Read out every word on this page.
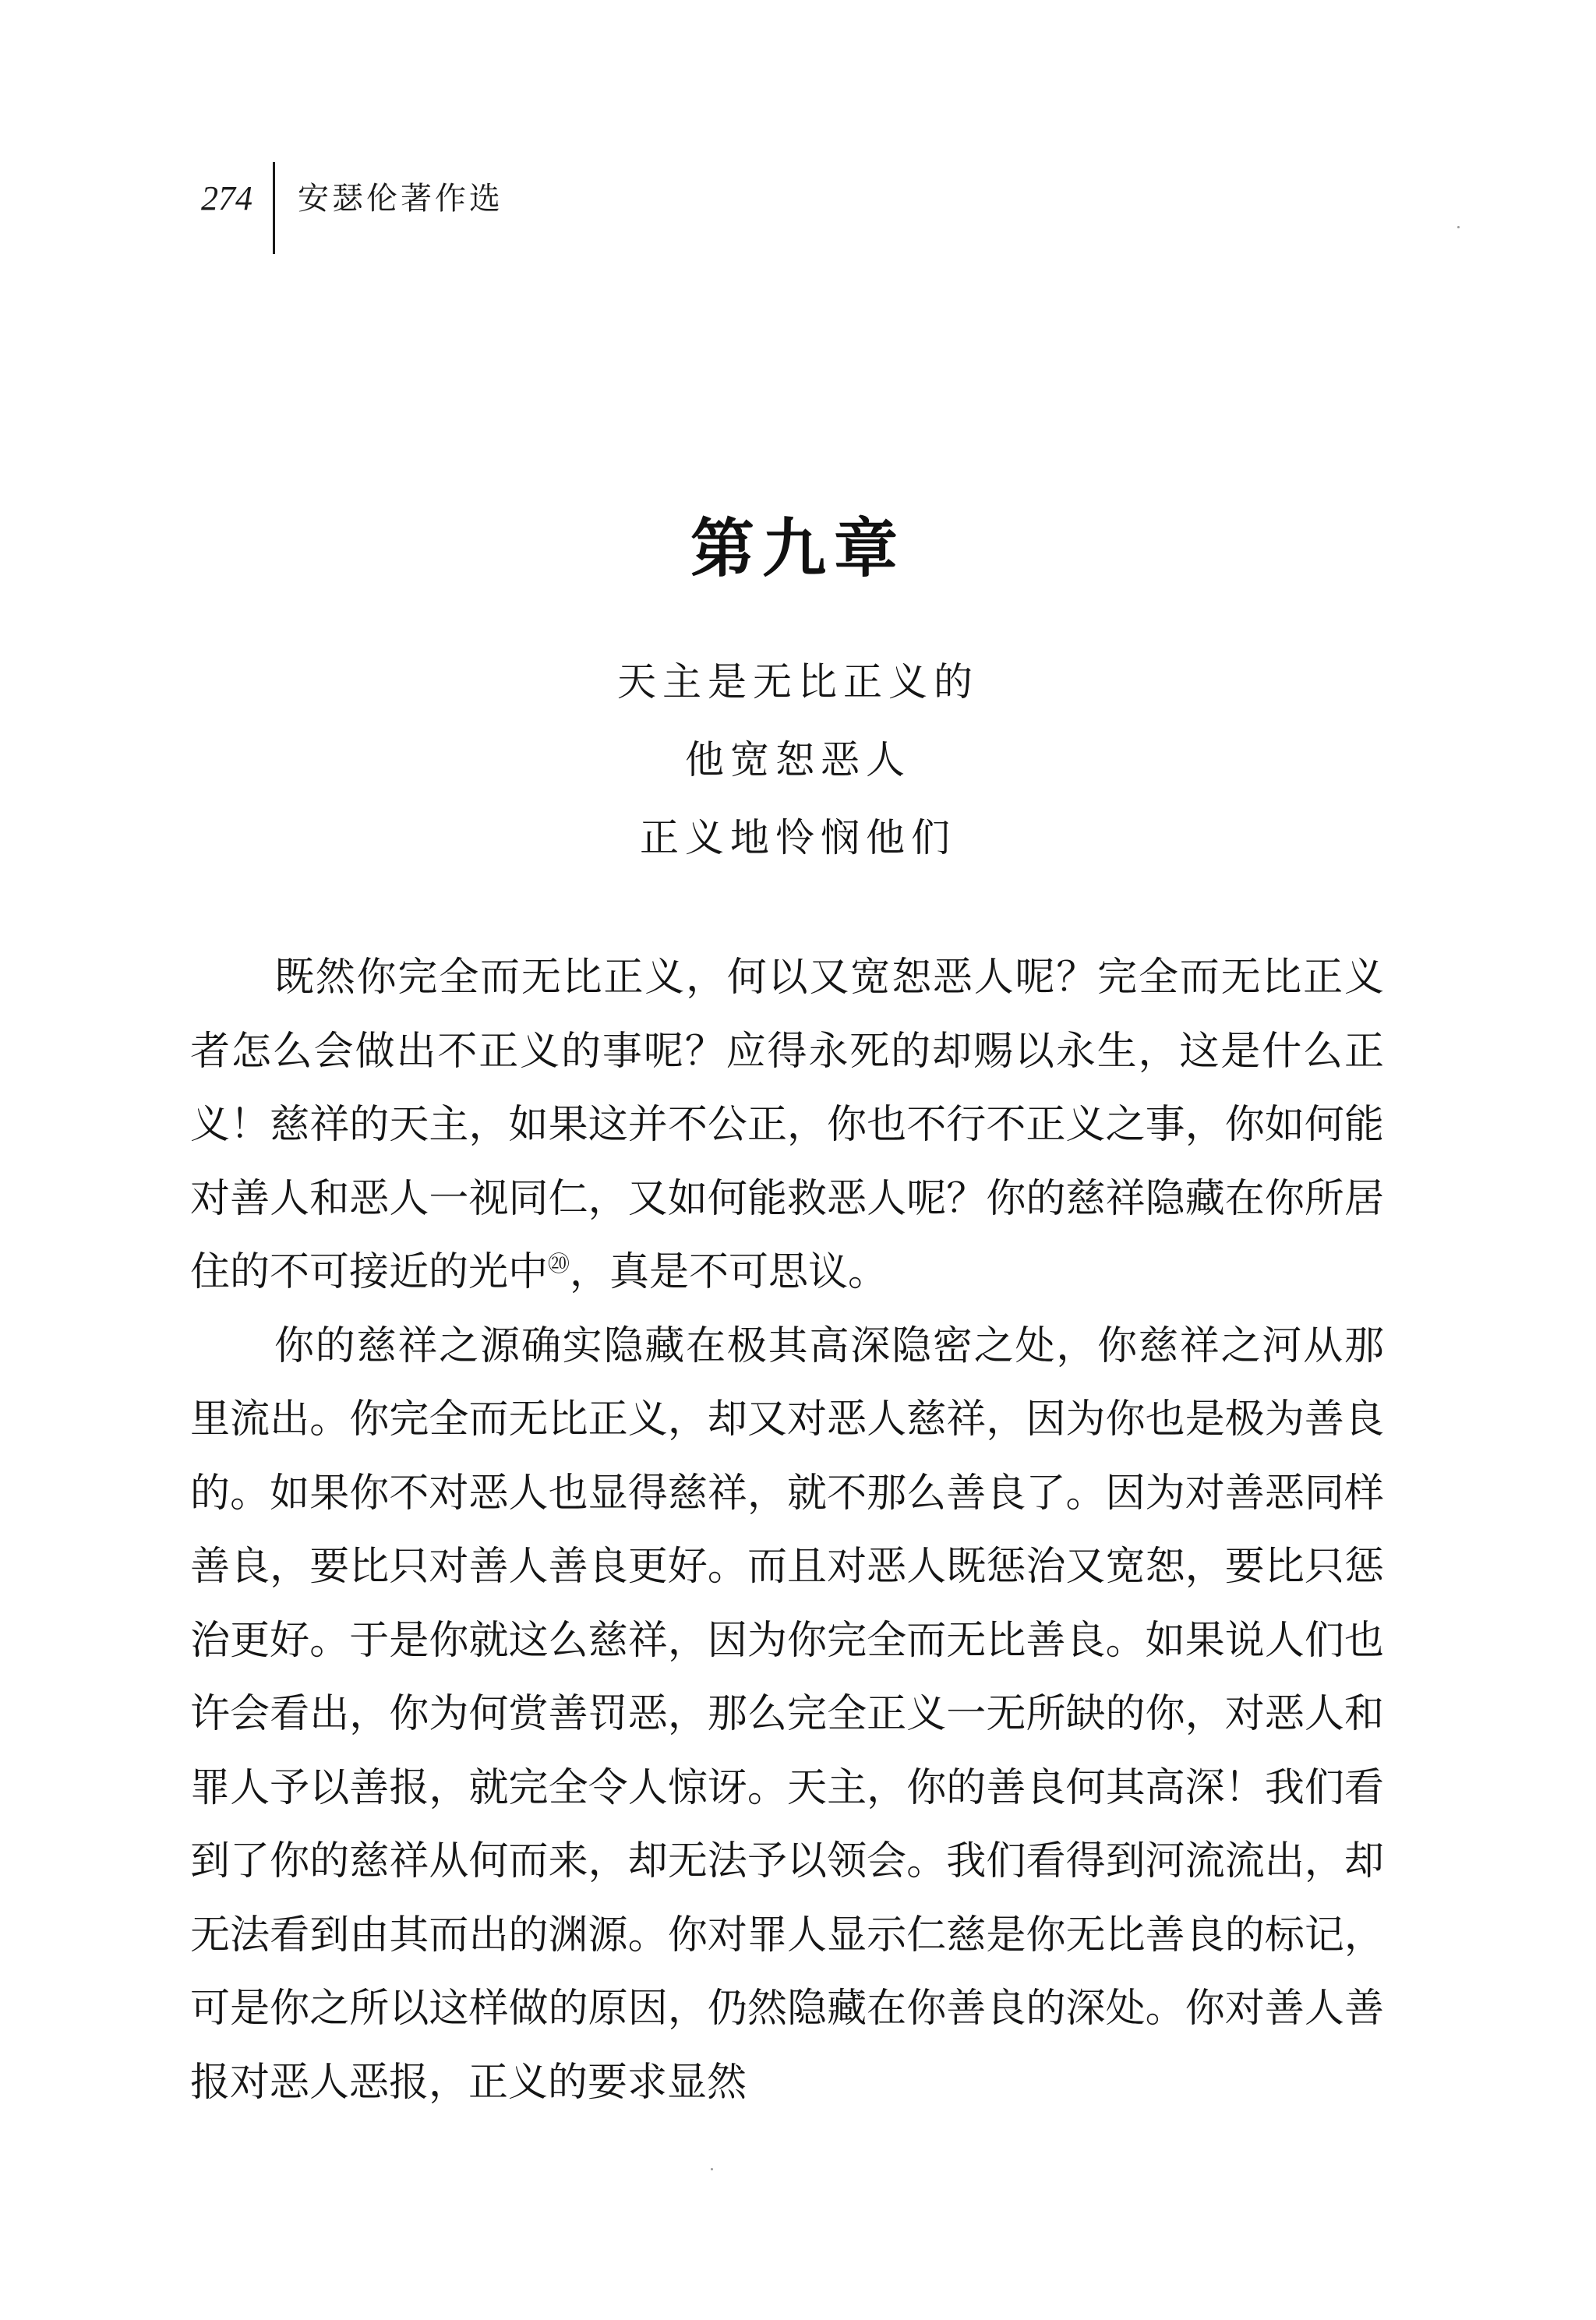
274 安瑟伦著作选
第九章
天主是无比正义的
他宽恕恶人
正义地怜悯他们

既然你完全而无比正义，何以又宽恕恶人呢？完全而无比正义者怎么会做出不正义的事呢？应得永死的却赐以永生，这是什么正义！慈祥的天主，如果这并不公正，你也不行不正义之事，你如何能对善人和恶人一视同仁，又如何能救恶人呢？你的慈祥隐藏在你所居住的不可接近的光中⑳，真是不可思议。

你的慈祥之源确实隐藏在极其高深隐密之处，你慈祥之河从那里流出。你完全而无比正义，却又对恶人慈祥，因为你也是极为善良的。如果你不对恶人也显得慈祥，就不那么善良了。因为对善恶同样善良，要比只对善人善良更好。而且对恶人既惩治又宽恕，要比只惩治更好。于是你就这么慈祥，因为你完全而无比善良。如果说人们也许会看出，你为何赏善罚恶，那么完全正义一无所缺的你，对恶人和罪人予以善报，就完全令人惊讶。天主，你的善良何其高深！我们看到了你的慈祥从何而来，却无法予以领会。我们看得到河流流出，却无法看到由其而出的渊源。你对罪人显示仁慈是你无比善良的标记，可是你之所以这样做的原因，仍然隐藏在你善良的深处。你对善人善报对恶人恶报，正义的要求显然
